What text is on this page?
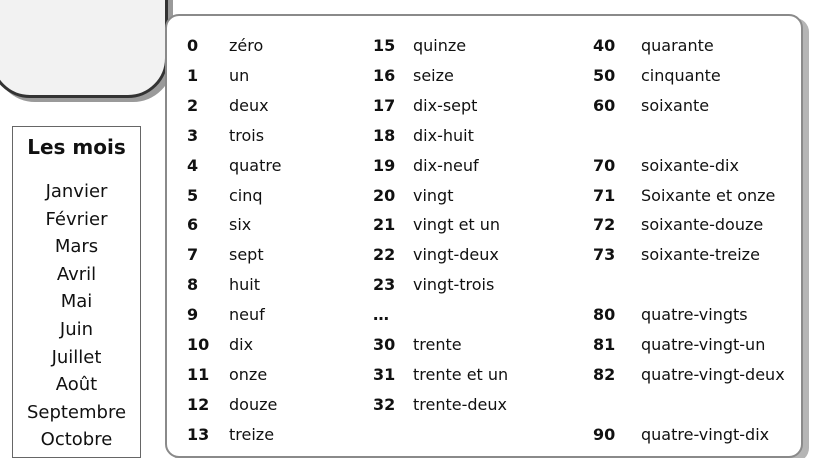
Les mois
Janvier
Février
Mars
Avril
Mai
Juin
Juillet
Août
Septembre
Octobre
0 zéro
1 un
2 deux
3 trois
4 quatre
5 cinq
6 six
7 sept
8 huit
9 neuf
10 dix
11 onze
12 douze
13 treize
15 quinze
16 seize
17 dix-sept
18 dix-huit
19 dix-neuf
20 vingt
21 vingt et un
22 vingt-deux
23 vingt-trois
…
30 trente
31 trente et un
32 trente-deux
40 quarante
50 cinquante
60 soixante
70 soixante-dix
71 Soixante et onze
72 soixante-douze
73 soixante-treize
80 quatre-vingts
81 quatre-vingt-un
82 quatre-vingt-deux
90 quatre-vingt-dix
